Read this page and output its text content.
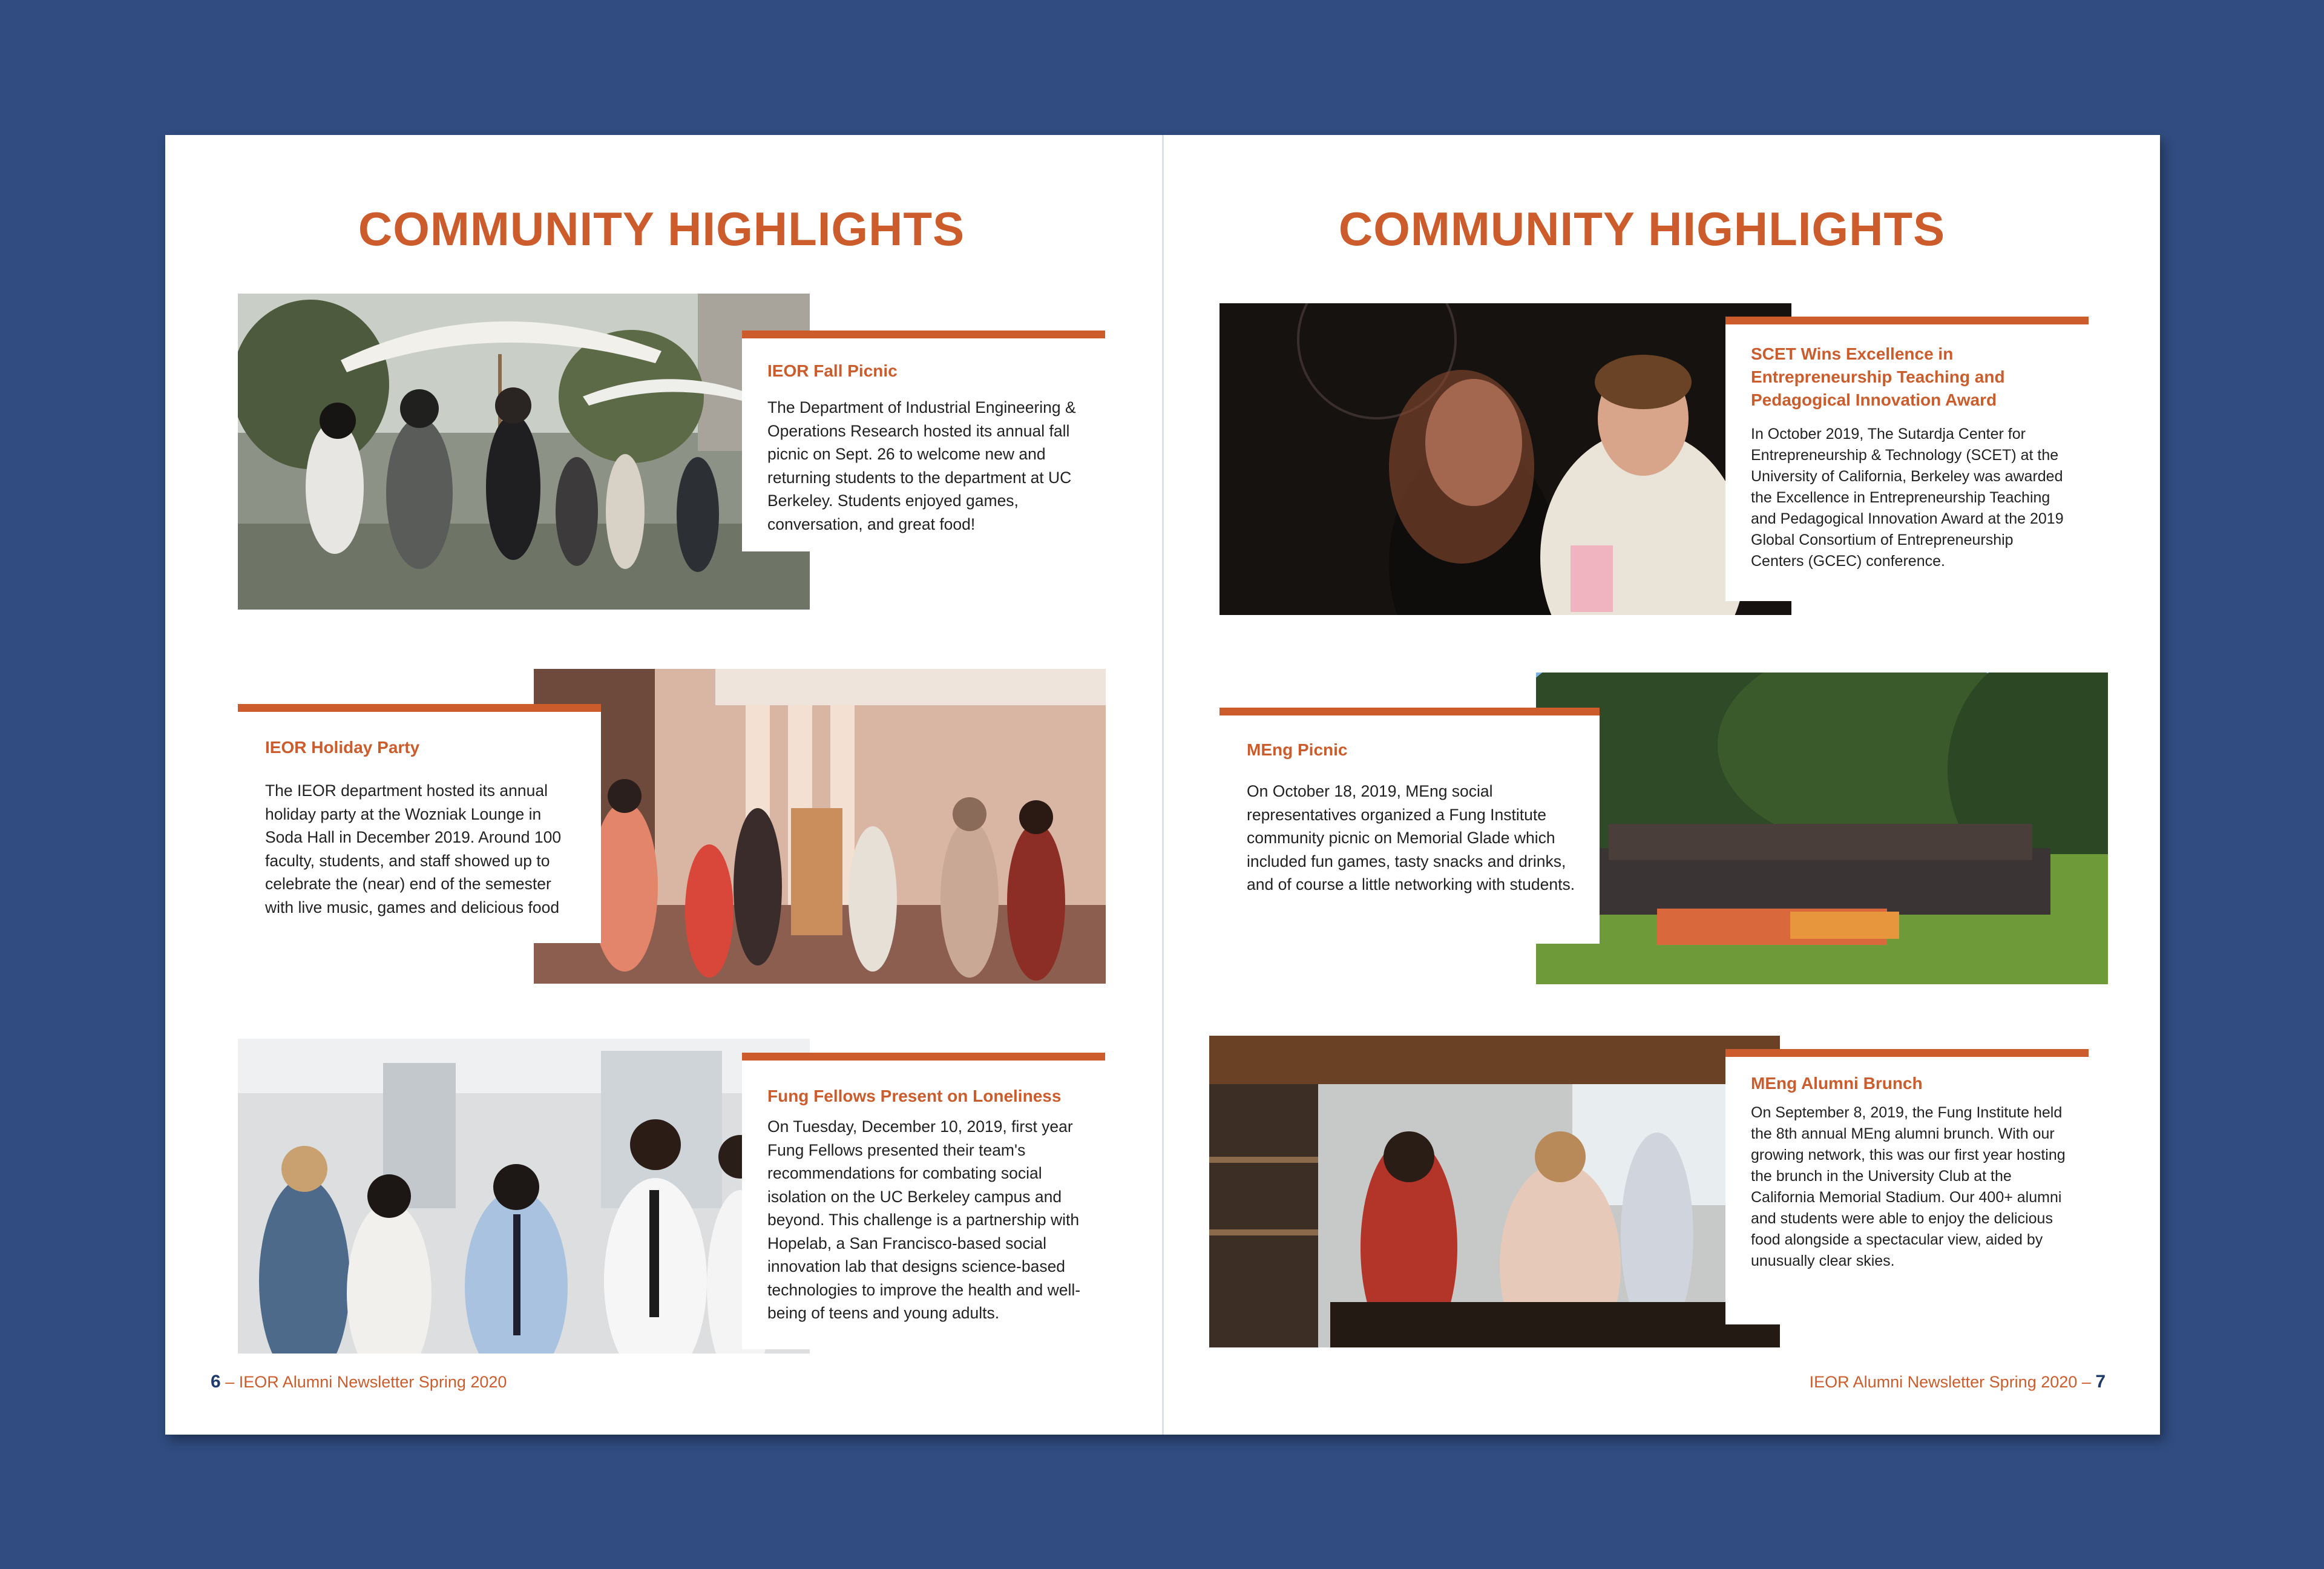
COMMUNITY HIGHLIGHTS
IEOR Fall Picnic

The Department of Industrial Engineering & Operations Research hosted its annual fall picnic on Sept. 26 to welcome new and returning students to the department at UC Berkeley. Students enjoyed games, conversation, and great food!

IEOR Holiday Party

The IEOR department hosted its annual holiday party at the Wozniak Lounge in Soda Hall in December 2019. Around 100 faculty, students, and staff showed up to celebrate the (near) end of the semester with live music, games and delicious food

Fung Fellows Present on Loneliness

On Tuesday, December 10, 2019, first year Fung Fellows presented their team's recommendations for combating social isolation on the UC Berkeley campus and beyond. This challenge is a partnership with Hopelab, a San Francisco-based social innovation lab that designs science-based technologies to improve the health and well-being of teens and young adults.

6 – IEOR Alumni Newsletter Spring 2020
COMMUNITY HIGHLIGHTS
SCET Wins Excellence in Entrepreneurship Teaching and Pedagogical Innovation Award

In October 2019, The Sutardja Center for Entrepreneurship & Technology (SCET) at the University of California, Berkeley was awarded the Excellence in Entrepreneurship Teaching and Pedagogical Innovation Award at the 2019 Global Consortium of Entrepreneurship Centers (GCEC) conference.

MEng Picnic

On October 18, 2019, MEng social representatives organized a Fung Institute community picnic on Memorial Glade which included fun games, tasty snacks and drinks, and of course a little networking with students.

MEng Alumni Brunch

On September 8, 2019, the Fung Institute held the 8th annual MEng alumni brunch. With our growing network, this was our first year hosting the brunch in the University Club at the California Memorial Stadium. Our 400+ alumni and students were able to enjoy the delicious food alongside a spectacular view, aided by unusually clear skies.

IEOR Alumni Newsletter Spring 2020 – 7
